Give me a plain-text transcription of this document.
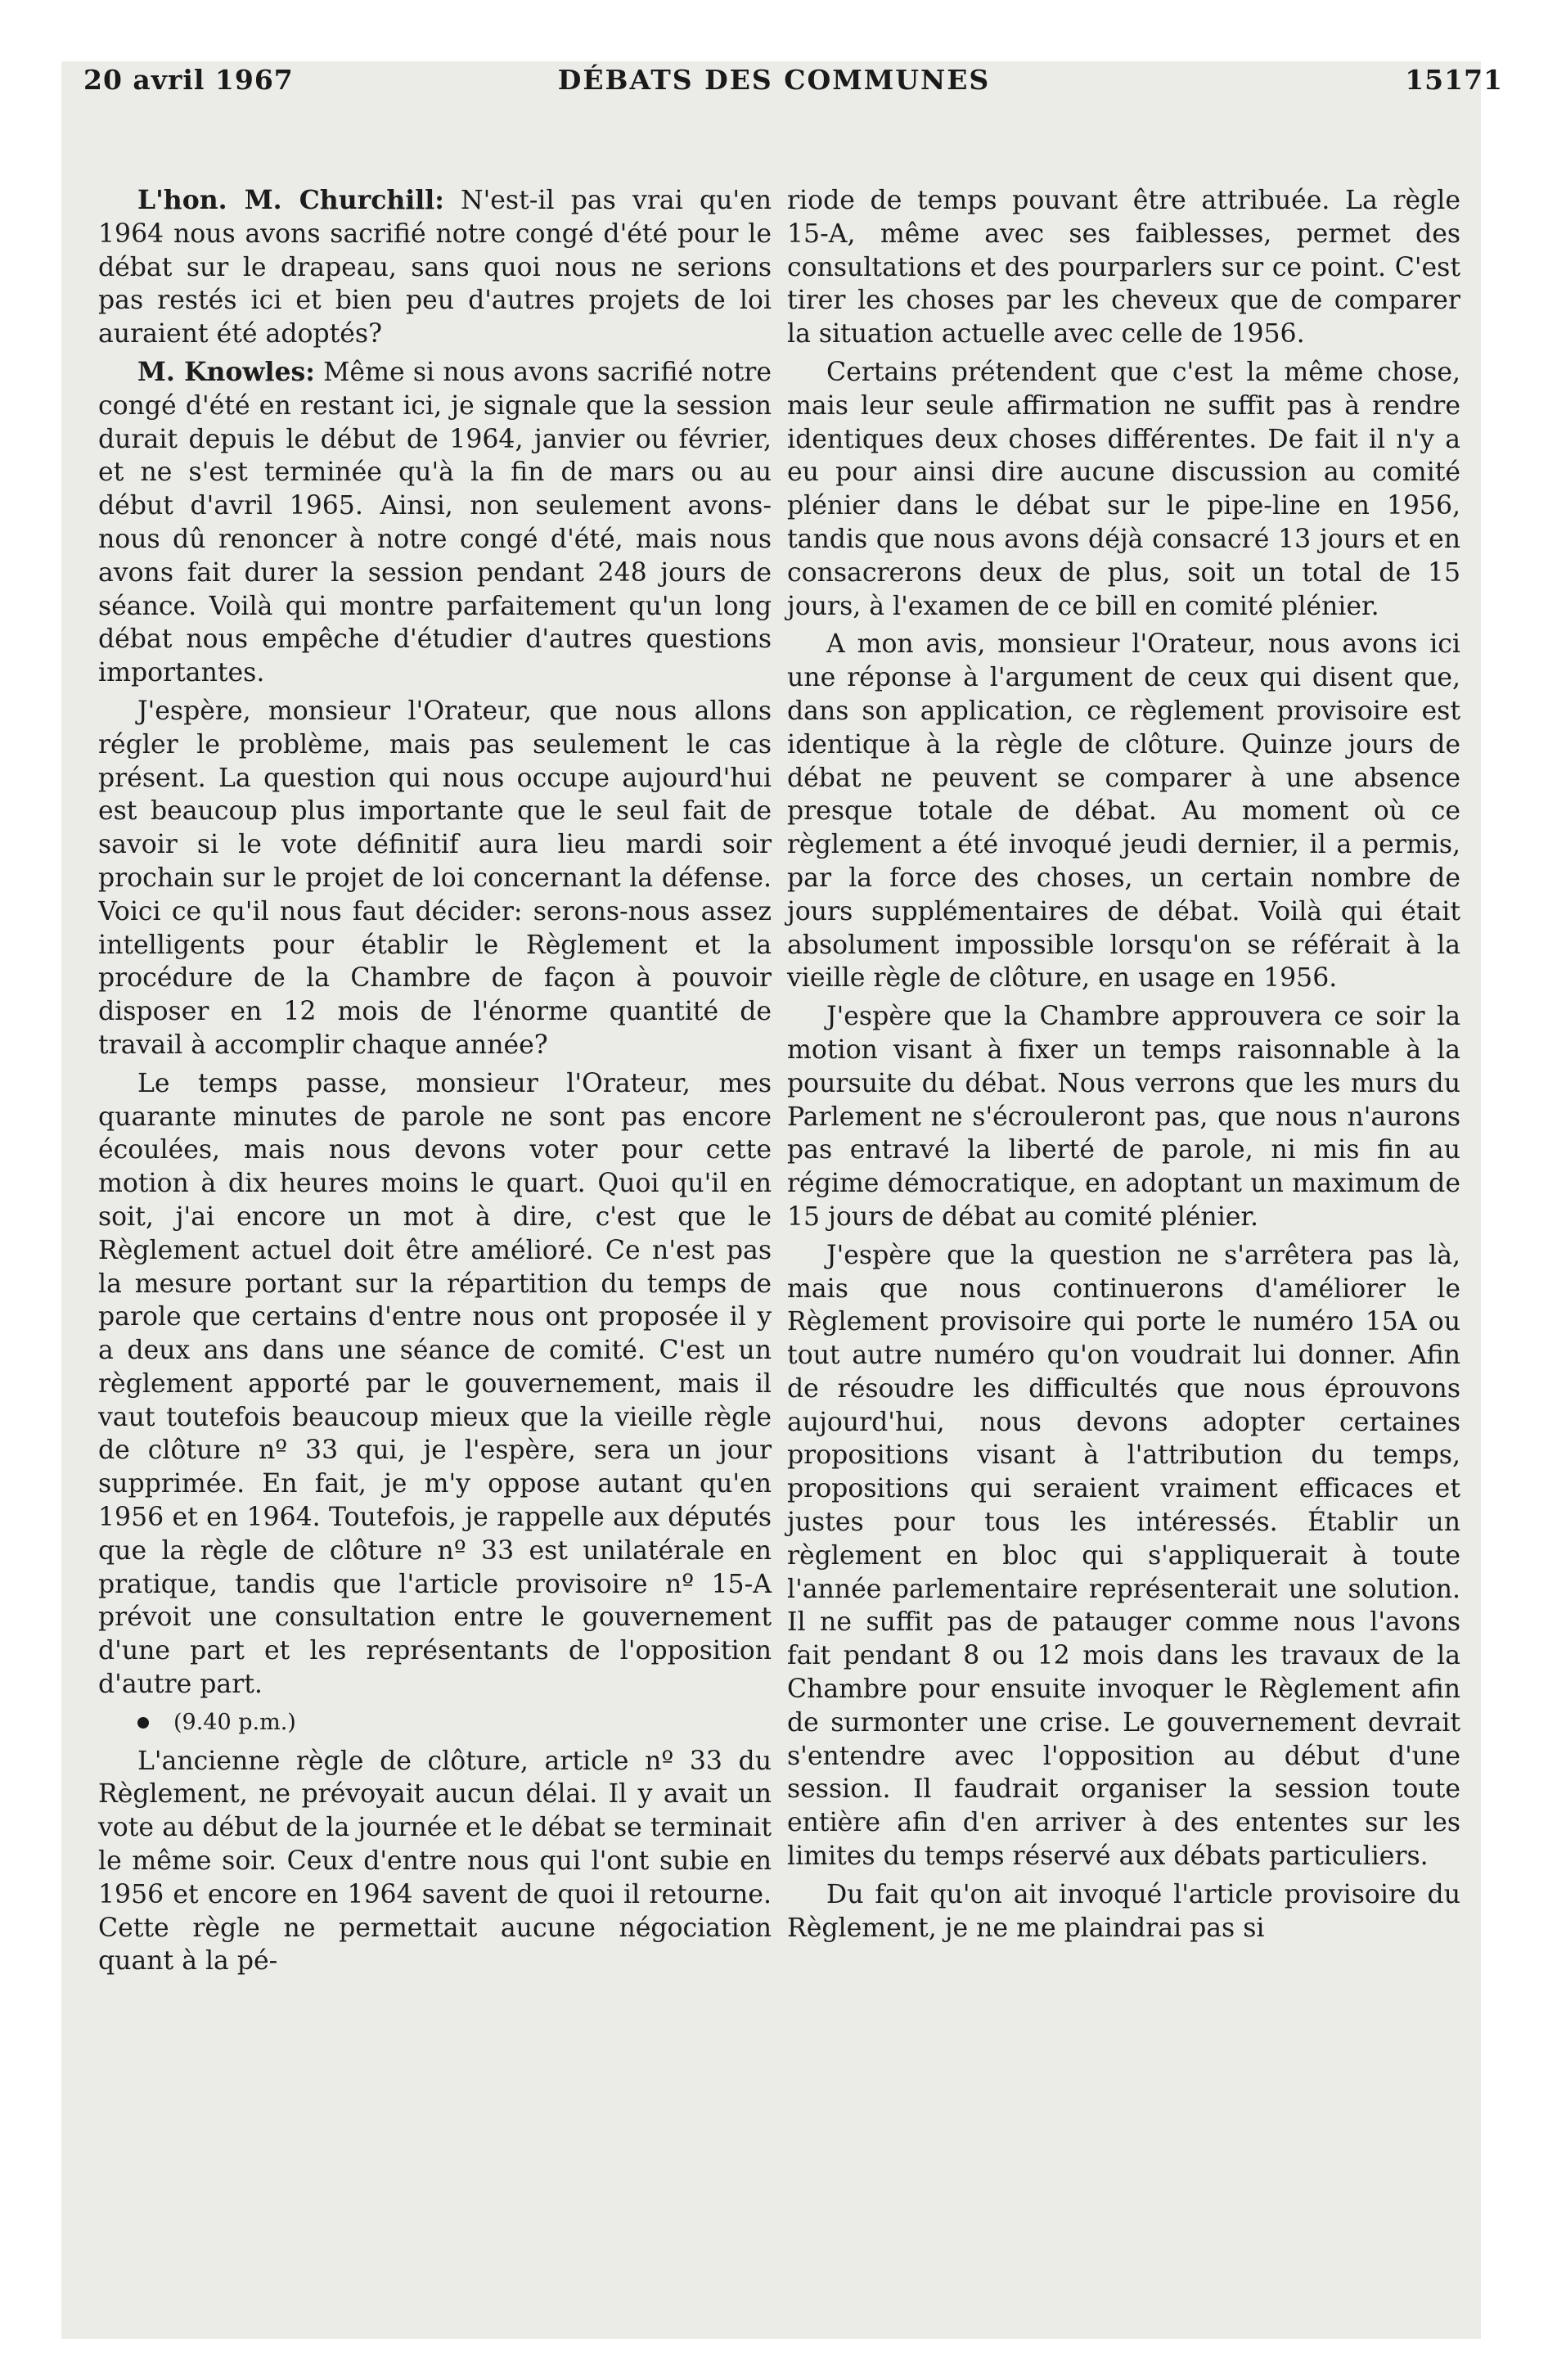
20 avril 1967	DÉBATS DES COMMUNES	15171

L'hon. M. Churchill: N'est-il pas vrai qu'en 1964 nous avons sacrifié notre congé d'été pour le débat sur le drapeau, sans quoi nous ne serions pas restés ici et bien peu d'autres projets de loi auraient été adoptés?

M. Knowles: Même si nous avons sacrifié notre congé d'été en restant ici, je signale que la session durait depuis le début de 1964, janvier ou février, et ne s'est terminée qu'à la fin de mars ou au début d'avril 1965. Ainsi, non seulement avons-nous dû renoncer à notre congé d'été, mais nous avons fait durer la session pendant 248 jours de séance. Voilà qui montre parfaitement qu'un long débat nous empêche d'étudier d'autres questions importantes.

J'espère, monsieur l'Orateur, que nous allons régler le problème, mais pas seulement le cas présent. La question qui nous occupe aujourd'hui est beaucoup plus importante que le seul fait de savoir si le vote définitif aura lieu mardi soir prochain sur le projet de loi concernant la défense. Voici ce qu'il nous faut décider: serons-nous assez intelligents pour établir le Règlement et la procédure de la Chambre de façon à pouvoir disposer en 12 mois de l'énorme quantité de travail à accomplir chaque année?

Le temps passe, monsieur l'Orateur, mes quarante minutes de parole ne sont pas encore écoulées, mais nous devons voter pour cette motion à dix heures moins le quart. Quoi qu'il en soit, j'ai encore un mot à dire, c'est que le Règlement actuel doit être amélioré. Ce n'est pas la mesure portant sur la répartition du temps de parole que certains d'entre nous ont proposée il y a deux ans dans une séance de comité. C'est un règlement apporté par le gouvernement, mais il vaut toutefois beaucoup mieux que la vieille règle de clôture nº 33 qui, je l'espère, sera un jour supprimée. En fait, je m'y oppose autant qu'en 1956 et en 1964. Toutefois, je rappelle aux députés que la règle de clôture nº 33 est unilatérale en pratique, tandis que l'article provisoire nº 15-A prévoit une consultation entre le gouvernement d'une part et les représentants de l'opposition d'autre part.

(9.40 p.m.)

L'ancienne règle de clôture, article nº 33 du Règlement, ne prévoyait aucun délai. Il y avait un vote au début de la journée et le débat se terminait le même soir. Ceux d'entre nous qui l'ont subie en 1956 et encore en 1964 savent de quoi il retourne. Cette règle ne permettait aucune négociation quant à la pé-

riode de temps pouvant être attribuée. La règle 15-A, même avec ses faiblesses, permet des consultations et des pourparlers sur ce point. C'est tirer les choses par les cheveux que de comparer la situation actuelle avec celle de 1956.

Certains prétendent que c'est la même chose, mais leur seule affirmation ne suffit pas à rendre identiques deux choses différentes. De fait il n'y a eu pour ainsi dire aucune discussion au comité plénier dans le débat sur le pipe-line en 1956, tandis que nous avons déjà consacré 13 jours et en consacrerons deux de plus, soit un total de 15 jours, à l'examen de ce bill en comité plénier.

A mon avis, monsieur l'Orateur, nous avons ici une réponse à l'argument de ceux qui disent que, dans son application, ce règlement provisoire est identique à la règle de clôture. Quinze jours de débat ne peuvent se comparer à une absence presque totale de débat. Au moment où ce règlement a été invoqué jeudi dernier, il a permis, par la force des choses, un certain nombre de jours supplémentaires de débat. Voilà qui était absolument impossible lorsqu'on se référait à la vieille règle de clôture, en usage en 1956.

J'espère que la Chambre approuvera ce soir la motion visant à fixer un temps raisonnable à la poursuite du débat. Nous verrons que les murs du Parlement ne s'écrouleront pas, que nous n'aurons pas entravé la liberté de parole, ni mis fin au régime démocratique, en adoptant un maximum de 15 jours de débat au comité plénier.

J'espère que la question ne s'arrêtera pas là, mais que nous continuerons d'améliorer le Règlement provisoire qui porte le numéro 15A ou tout autre numéro qu'on voudrait lui donner. Afin de résoudre les difficultés que nous éprouvons aujourd'hui, nous devons adopter certaines propositions visant à l'attribution du temps, propositions qui seraient vraiment efficaces et justes pour tous les intéressés. Établir un règlement en bloc qui s'appliquerait à toute l'année parlementaire représenterait une solution. Il ne suffit pas de patauger comme nous l'avons fait pendant 8 ou 12 mois dans les travaux de la Chambre pour ensuite invoquer le Règlement afin de surmonter une crise. Le gouvernement devrait s'entendre avec l'opposition au début d'une session. Il faudrait organiser la session toute entière afin d'en arriver à des ententes sur les limites du temps réservé aux débats particuliers.

Du fait qu'on ait invoqué l'article provisoire du Règlement, je ne me plaindrai pas si
